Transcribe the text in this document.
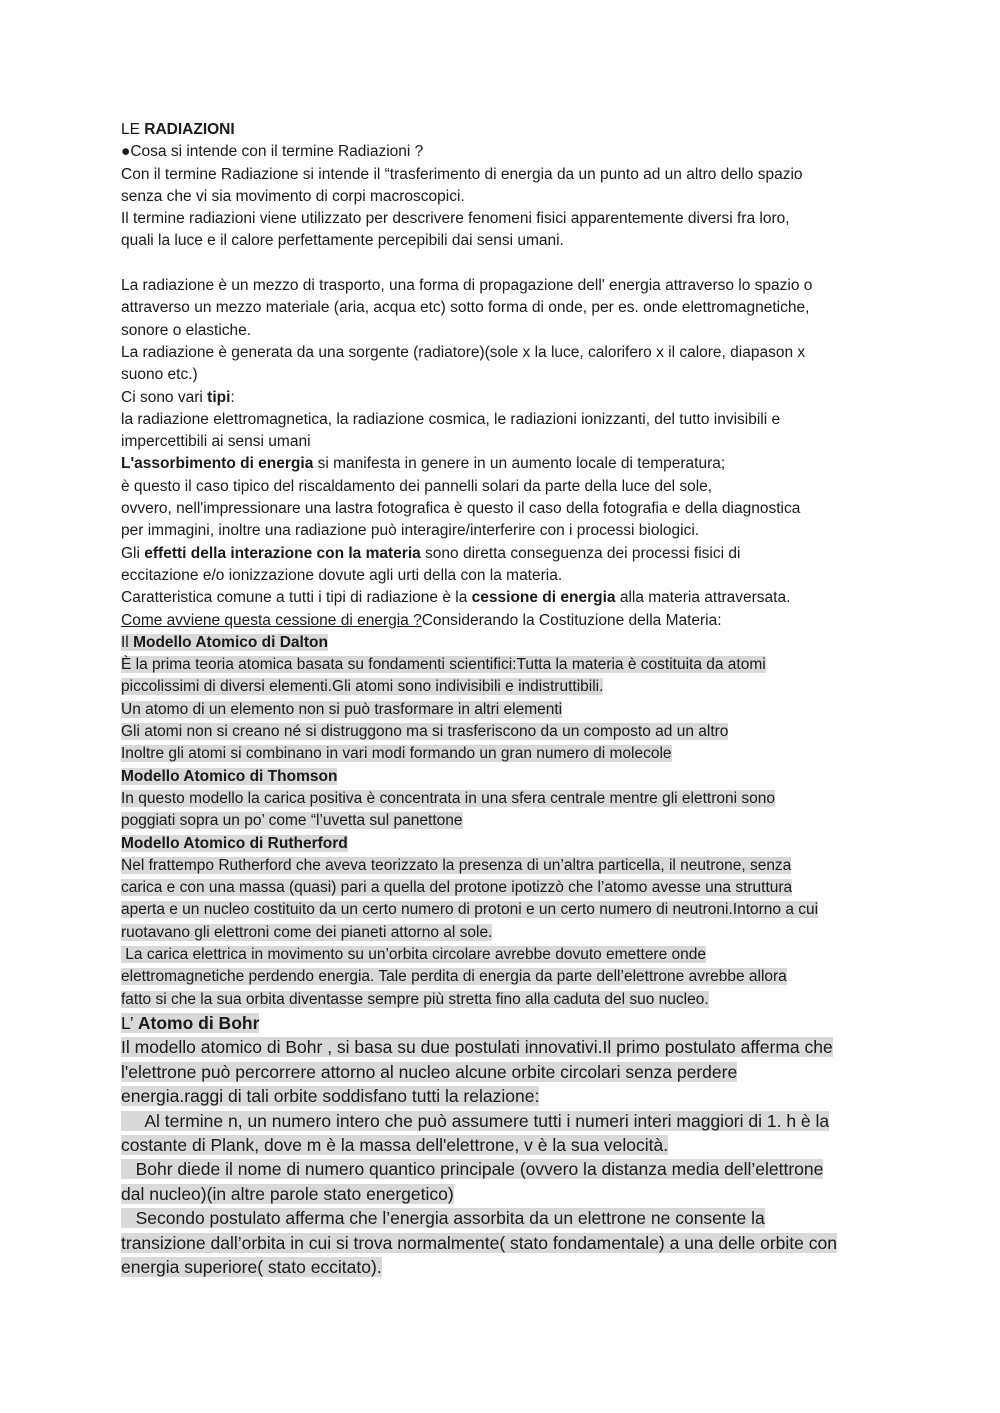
LE RADIAZIONI

●Cosa si intende con il termine Radiazioni ?

Con il termine Radiazione si intende il “trasferimento di energia da un punto ad un altro dello spazio

senza che vi sia movimento di corpi macroscopici.

Il termine radiazioni viene utilizzato per descrivere fenomeni fisici apparentemente diversi fra loro,

quali la luce e il calore perfettamente percepibili dai sensi umani.

La radiazione è un mezzo di trasporto, una forma di propagazione dell' energia attraverso lo spazio o

attraverso un mezzo materiale (aria, acqua etc) sotto forma di onde, per es. onde elettromagnetiche,

sonore o elastiche.

La radiazione è generata da una sorgente (radiatore)(sole x la luce, calorifero x il calore, diapason x

suono etc.)

Ci sono vari tipi:

la radiazione elettromagnetica, la radiazione cosmica, le radiazioni ionizzanti, del tutto invisibili e

impercettibili ai sensi umani

L'assorbimento di energia si manifesta in genere in un aumento locale di temperatura;

è questo il caso tipico del riscaldamento dei pannelli solari da parte della luce del sole,

ovvero, nell'impressionare una lastra fotografica è questo il caso della fotografia e della diagnostica

per immagini, inoltre una radiazione può interagire/interferire con i processi biologici.

Gli effetti della interazione con la materia sono diretta conseguenza dei processi fisici di

eccitazione e/o ionizzazione dovute agli urti della con la materia.

Caratteristica comune a tutti i tipi di radiazione è la cessione di energia alla materia attraversata.

Come avviene questa cessione di energia ?Considerando la Costituzione della Materia:

Il Modello Atomico di Dalton

È la prima teoria atomica basata su fondamenti scientifici:Tutta la materia è costituita da atomi

piccolissimi di diversi elementi.Gli atomi sono indivisibili e indistruttibili.

Un atomo di un elemento non si può trasformare in altri elementi

Gli atomi non si creano né si distruggono ma si trasferiscono da un composto ad un altro

Inoltre gli atomi si combinano in vari modi formando un gran numero di molecole

Modello Atomico di Thomson

In questo modello la carica positiva è concentrata in una sfera centrale mentre gli elettroni sono

poggiati sopra un po’ come “l’uvetta sul panettone

Modello Atomico di Rutherford

Nel frattempo Rutherford che aveva teorizzato la presenza di un’altra particella, il neutrone, senza

carica e con una massa (quasi) pari a quella del protone ipotizzò che l’atomo avesse una struttura

aperta e un nucleo costituito da un certo numero di protoni e un certo numero di neutroni.Intorno a cui

ruotavano gli elettroni come dei pianeti attorno al sole.

La carica elettrica in movimento su un’orbita circolare avrebbe dovuto emettere onde

elettromagnetiche perdendo energia. Tale perdita di energia da parte dell’elettrone avrebbe allora

fatto si che la sua orbita diventasse sempre più stretta fino alla caduta del suo nucleo.

L’ Atomo di Bohr

Il modello atomico di Bohr , si basa su due postulati innovativi.Il primo postulato afferma che

l'elettrone può percorrere attorno al nucleo alcune orbite circolari senza perdere

energia.raggi di tali orbite soddisfano tutti la relazione:

Al termine n, un numero intero che può assumere tutti i numeri interi maggiori di 1. h è la

costante di Plank, dove m è la massa dell'elettrone, v è la sua velocità.

Bohr diede il nome di numero quantico principale (ovvero la distanza media dell’elettrone

dal nucleo)(in altre parole stato energetico)

Secondo postulato afferma che l’energia assorbita da un elettrone ne consente la

transizione dall’orbita in cui si trova normalmente( stato fondamentale) a una delle orbite con

energia superiore( stato eccitato).
